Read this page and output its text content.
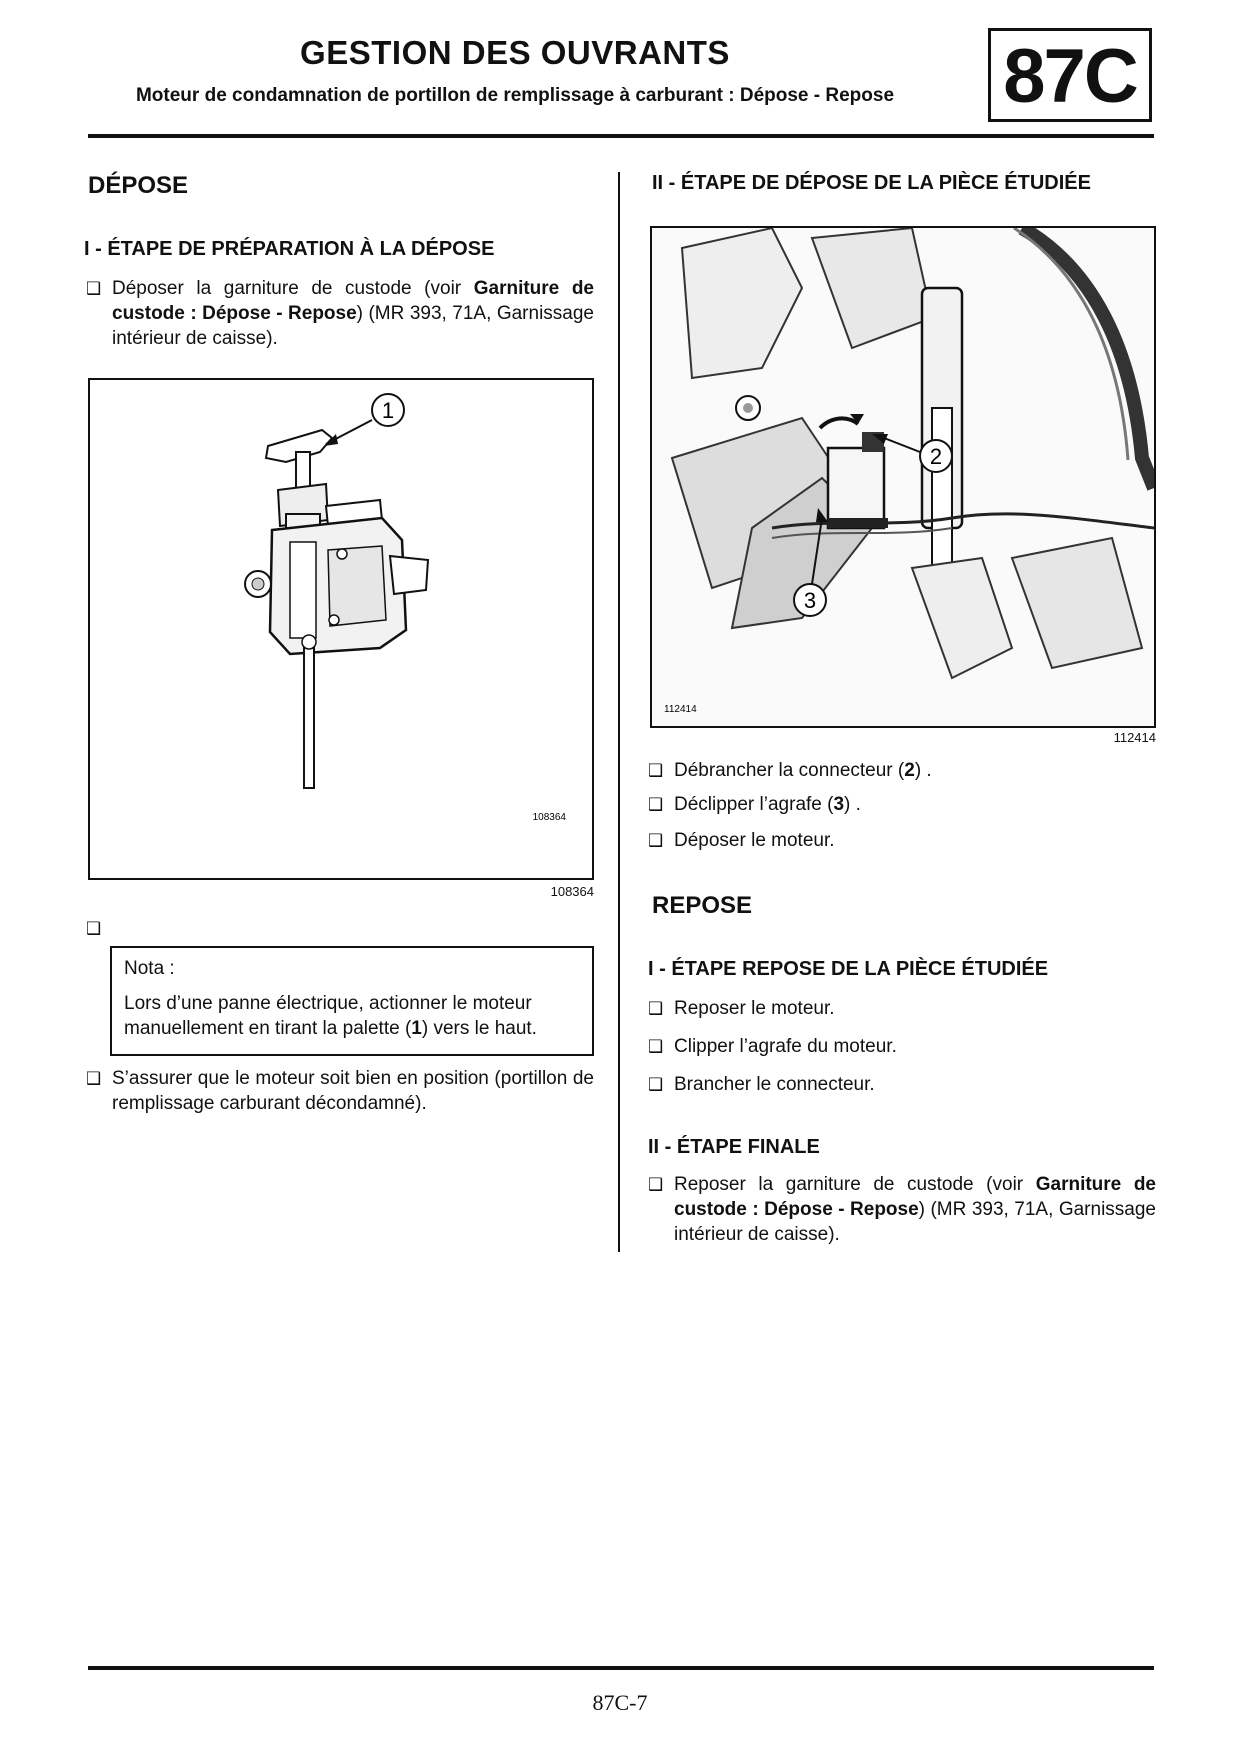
GESTION DES OUVRANTS
Moteur de condamnation de portillon de remplissage à carburant : Dépose - Repose	87C
DÉPOSE
I - ÉTAPE DE PRÉPARATION À LA DÉPOSE
❑ Déposer la garniture de custode (voir Garniture de custode : Dépose - Repose) (MR 393, 71A, Garnissage intérieur de caisse).
1
108364
108364
❑
Nota :
Lors d’une panne électrique, actionner le moteur manuellement en tirant la palette (1) vers le haut.
❑ S’assurer que le moteur soit bien en position (portillon de remplissage carburant décondamné).
II - ÉTAPE DE DÉPOSE DE LA PIÈCE ÉTUDIÉE
2
3
112414
112414
❑ Débrancher la connecteur (2) .
❑ Déclipper l’agrafe (3) .
❑ Déposer le moteur.
REPOSE
I - ÉTAPE REPOSE DE LA PIÈCE ÉTUDIÉE
❑ Reposer le moteur.
❑ Clipper l’agrafe du moteur.
❑ Brancher le connecteur.
II - ÉTAPE FINALE
❑ Reposer la garniture de custode (voir Garniture de custode : Dépose - Repose) (MR 393, 71A, Garnissage intérieur de caisse).
87C-7
